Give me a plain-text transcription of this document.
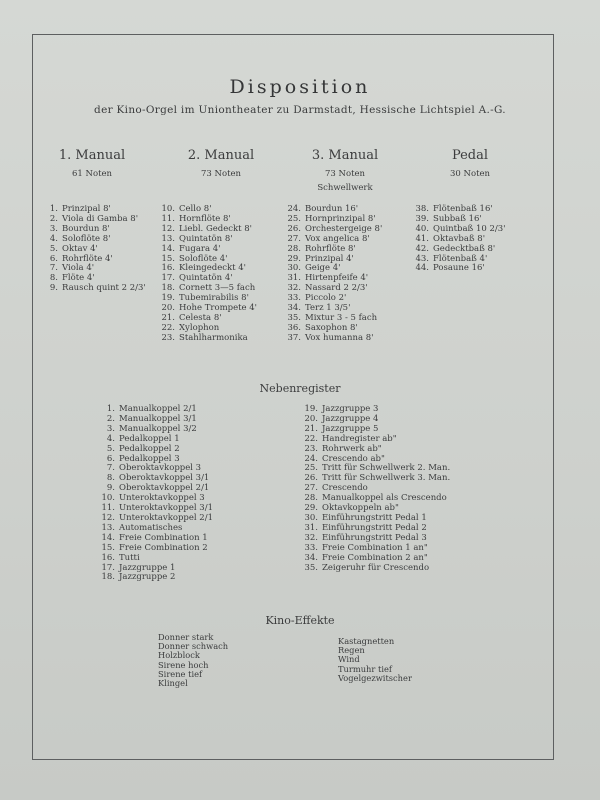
Disposition
der Kino-Orgel im Uniontheater zu Darmstadt, Hessische Lichtspiel A.-G.
1. Manual
61 Noten
2. Manual
73 Noten
3. Manual
73 Noten
Schwellwerk
Pedal
30 Noten
1. Prinzipal 8'
2. Viola di Gamba 8'
3. Bourdun 8'
4. Soloflöte 8'
5. Oktav 4'
6. Rohrflöte 4'
7. Viola 4'
8. Flöte 4'
9. Rausch quint 2 2/3'
10. Cello 8'
11. Hornflöte 8'
12. Liebl. Gedeckt 8'
13. Quintatön 8'
14. Fugara 4'
15. Soloflöte 4'
16. Kleingedeckt 4'
17. Quintatön 4'
18. Cornett 3—5 fach
19. Tubemirabilis 8'
20. Hohe Trompete 4'
21. Celesta 8'
22. Xylophon
23. Stahlharmonika
24. Bourdun 16'
25. Hornprinzipal 8'
26. Orchestergeige 8'
27. Vox angelica 8'
28. Rohrflöte 8'
29. Prinzipal 4'
30. Geige 4'
31. Hirtenpfeife 4'
32. Nassard 2 2/3'
33. Piccolo 2'
34. Terz 1 3/5'
35. Mixtur 3 - 5 fach
36. Saxophon 8'
37. Vox humanna 8'
38. Flötenbaß 16'
39. Subbaß 16'
40. Quintbaß 10 2/3'
41. Oktavbaß 8'
42. Gedecktbaß 8'
43. Flötenbaß 4'
44. Posaune 16'
Nebenregister
1. Manualkoppel 2/1
2. Manualkoppel 3/1
3. Manualkoppel 3/2
4. Pedalkoppel 1
5. Pedalkoppel 2
6. Pedalkoppel 3
7. Oberoktavkoppel 3
8. Oberoktavkoppel 3/1
9. Oberoktavkoppel 2/1
10. Unteroktavkoppel 3
11. Unteroktavkoppel 3/1
12. Unteroktavkoppel 2/1
13. Automatisches
14. Freie Combination 1
15. Freie Combination 2
16. Tutti
17. Jazzgruppe 1
18. Jazzgruppe 2
19. Jazzgruppe 3
20. Jazzgruppe 4
21. Jazzgruppe 5
22. Handregister ab"
23. Rohrwerk ab"
24. Crescendo ab"
25. Tritt für Schwellwerk 2. Man.
26. Tritt für Schwellwerk 3. Man.
27. Crescendo
28. Manualkoppel als Crescendo
29. Oktavkoppeln ab"
30. Einführungstritt Pedal 1
31. Einführungstritt Pedal 2
32. Einführungstritt Pedal 3
33. Freie Combination 1 an"
34. Freie Combination 2 an"
35. Zeigeruhr für Crescendo
Kino-Effekte
Donner stark
Donner schwach
Holzblock
Sirene hoch
Sirene tief
Klingel
Kastagnetten
Regen
Wind
Turmuhr tief
Vogelgezwitscher
